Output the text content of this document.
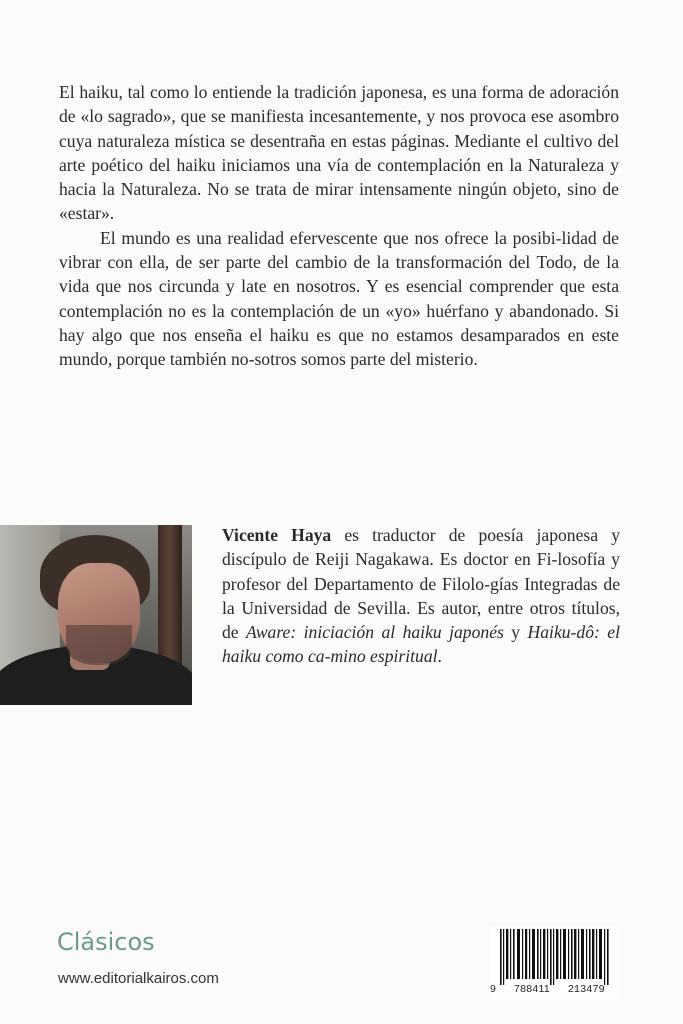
El haiku, tal como lo entiende la tradición japonesa, es una forma de adoración de «lo sagrado», que se manifiesta incesantemente, y nos provoca ese asombro cuya naturaleza mística se desentraña en estas páginas. Mediante el cultivo del arte poético del haiku iniciamos una vía de contemplación en la Naturaleza y hacia la Naturaleza. No se trata de mirar intensamente ningún objeto, sino de «estar».

El mundo es una realidad efervescente que nos ofrece la posibi-lidad de vibrar con ella, de ser parte del cambio de la transformación del Todo, de la vida que nos circunda y late en nosotros. Y es esencial comprender que esta contemplación no es la contemplación de un «yo» huérfano y abandonado. Si hay algo que nos enseña el haiku es que no estamos desamparados en este mundo, porque también no-sotros somos parte del misterio.

Vicente Haya es traductor de poesía japonesa y discípulo de Reiji Nagakawa. Es doctor en Fi-losofía y profesor del Departamento de Filolo-gías Integradas de la Universidad de Sevilla. Es autor, entre otros títulos, de Aware: iniciación al haiku japonés y Haiku-dô: el haiku como ca-mino espiritual.

Clásicos
www.editorialkairos.com
9 788411 213479
